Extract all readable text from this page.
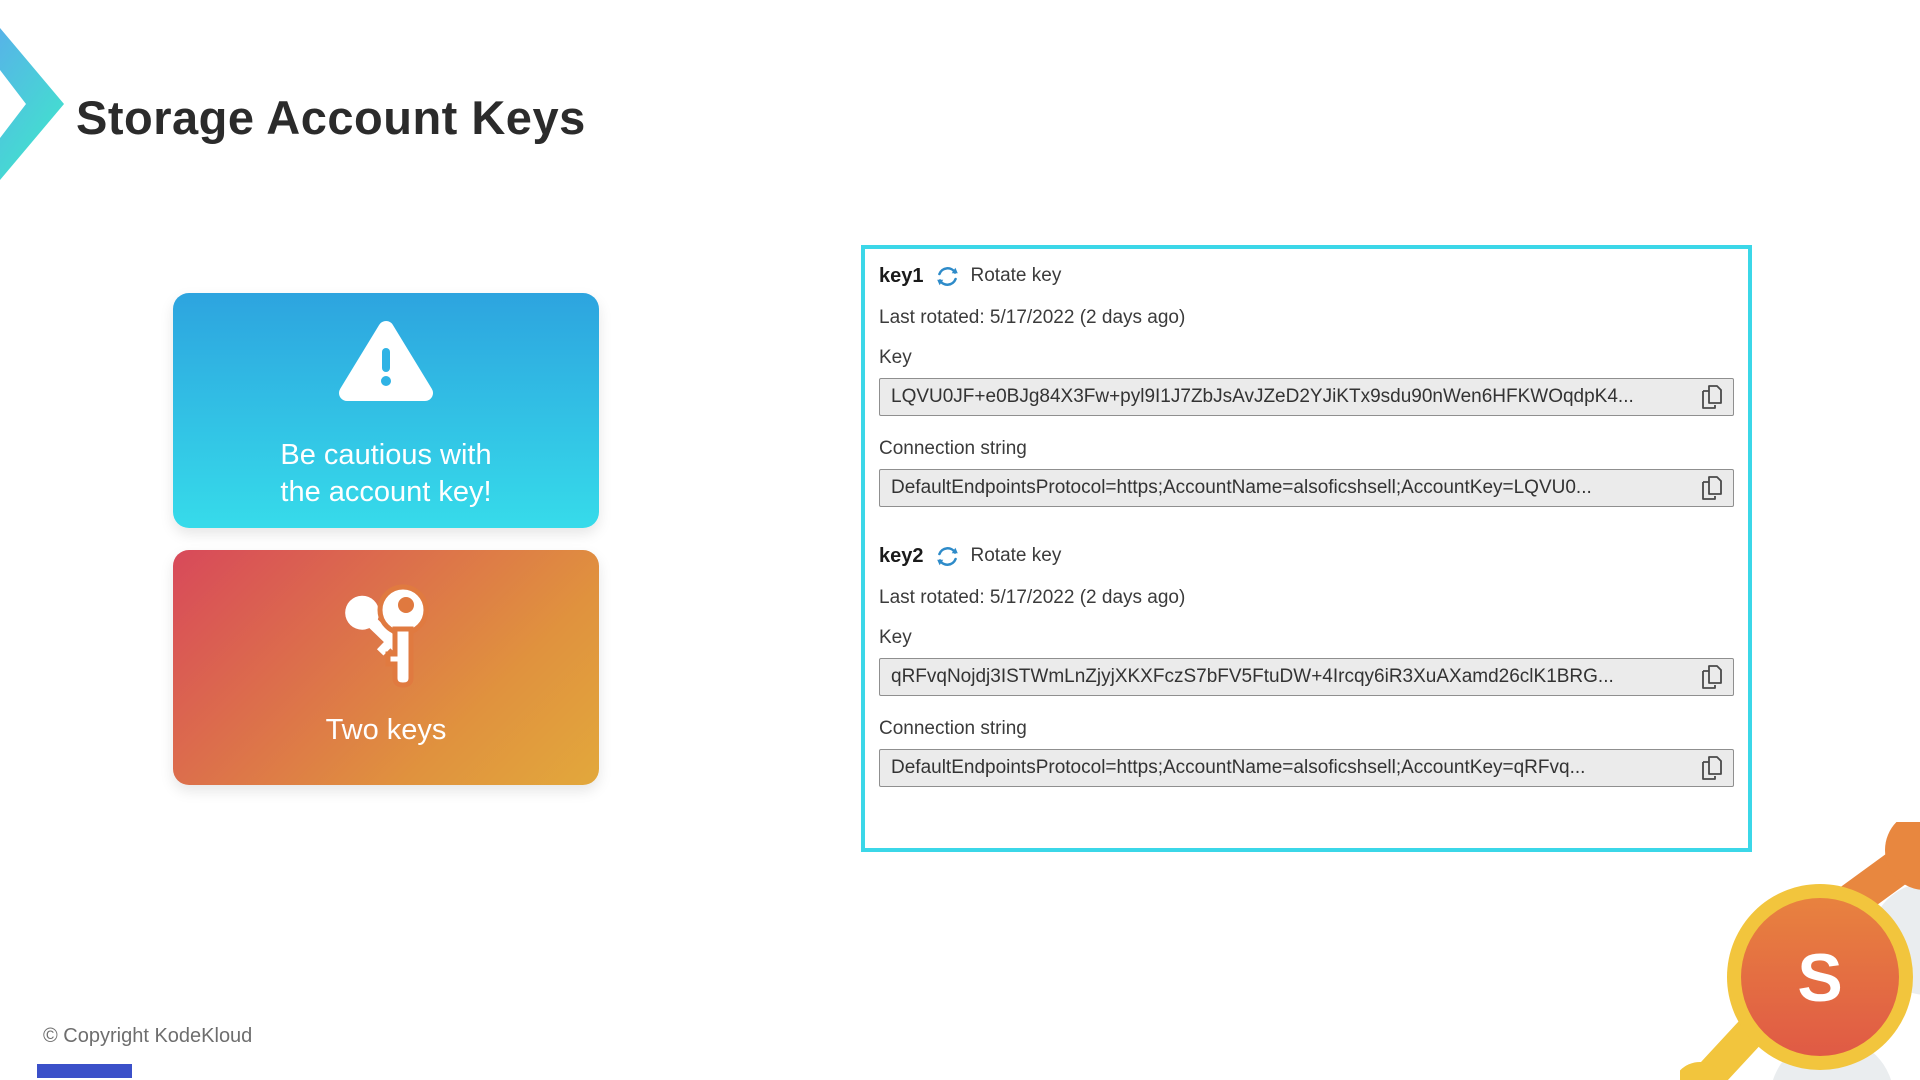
Storage Account Keys
Be cautious with
the account key!
Two keys
key1 Rotate key
Last rotated: 5/17/2022 (2 days ago)
Key
LQVU0JF+e0BJg84X3Fw+pyl9I1J7ZbJsAvJZeD2YJiKTx9sdu90nWen6HFKWOqdpK4...
Connection string
DefaultEndpointsProtocol=https;AccountName=alsoficshsell;AccountKey=LQVU0...
key2 Rotate key
Last rotated: 5/17/2022 (2 days ago)
Key
qRFvqNojdj3ISTWmLnZjyjXKXFczS7bFV5FtuDW+4Ircqy6iR3XuAXamd26clK1BRG...
Connection string
DefaultEndpointsProtocol=https;AccountName=alsoficshsell;AccountKey=qRFvq...
© Copyright KodeKloud
S
